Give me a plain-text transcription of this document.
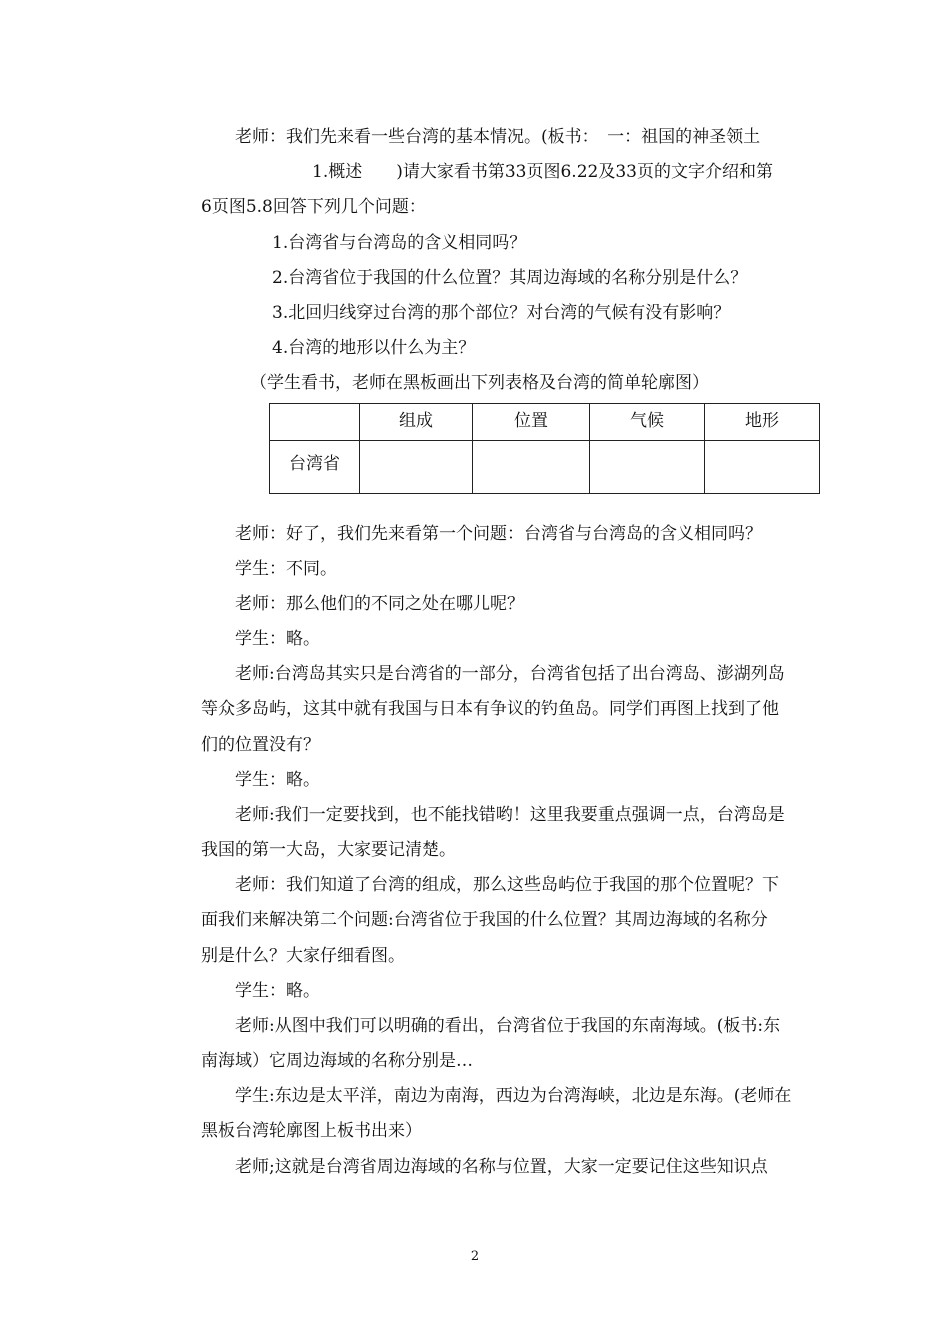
老师：我们先来看一些台湾的基本情况。(板书：　一：祖国的神圣领土
1.概述　　)请大家看书第33页图6.22及33页的文字介绍和第
6页图5.8回答下列几个问题：
1.台湾省与台湾岛的含义相同吗？
2.台湾省位于我国的什么位置？其周边海域的名称分别是什么？
3.北回归线穿过台湾的那个部位？对台湾的气候有没有影响？
4.台湾的地形以什么为主？
（学生看书，老师在黑板画出下列表格及台湾的简单轮廓图）
	组成	位置	气候	地形
台湾省				
老师：好了，我们先来看第一个问题：台湾省与台湾岛的含义相同吗？
学生：不同。
老师：那么他们的不同之处在哪儿呢？
学生：略。
老师:台湾岛其实只是台湾省的一部分，台湾省包括了出台湾岛、澎湖列岛
等众多岛屿，这其中就有我国与日本有争议的钓鱼岛。同学们再图上找到了他
们的位置没有？
学生：略。
老师:我们一定要找到，也不能找错哟！这里我要重点强调一点，台湾岛是
我国的第一大岛，大家要记清楚。
老师：我们知道了台湾的组成，那么这些岛屿位于我国的那个位置呢？下
面我们来解决第二个问题:台湾省位于我国的什么位置？其周边海域的名称分
别是什么？大家仔细看图。
学生：略。
老师:从图中我们可以明确的看出，台湾省位于我国的东南海域。(板书:东
南海域）它周边海域的名称分别是…
学生:东边是太平洋，南边为南海，西边为台湾海峡，北边是东海。(老师在
黑板台湾轮廓图上板书出来）
老师;这就是台湾省周边海域的名称与位置，大家一定要记住这些知识点
2
